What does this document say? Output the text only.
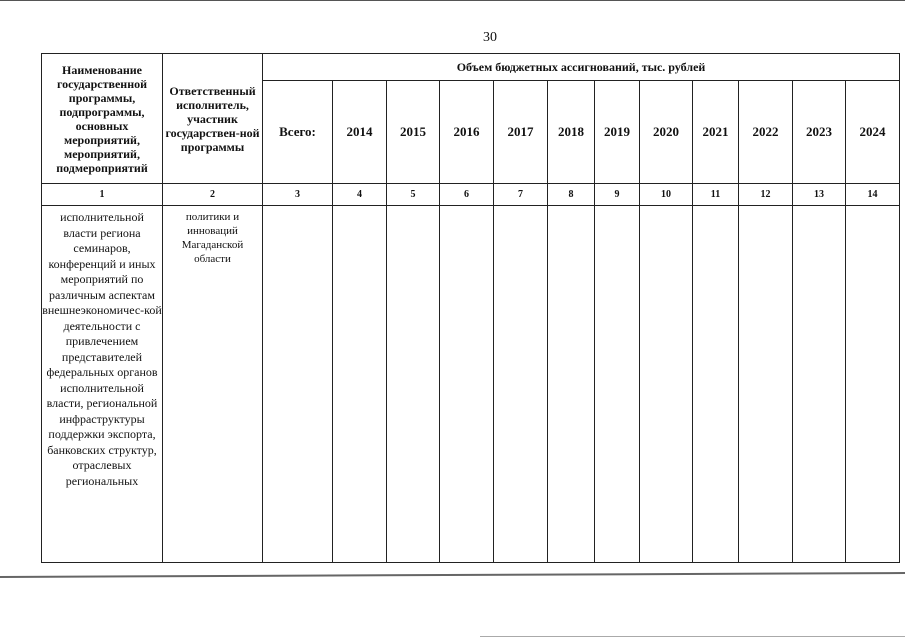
30
Наименование государственной программы, подпрограммы, основных мероприятий, мероприятий, подмероприятий	Ответственный исполнитель, участник государствен-ной программы	Объем бюджетных ассигнований, тыс. рублей											
		Всего:	2014	2015	2016	2017	2018	2019	2020	2021	2022	2023	2024
1	2	3	4	5	6	7	8	9	10	11	12	13	14
исполнительной власти региона семинаров, конференций и иных мероприятий по различным аспектам внешнеэкономичес-кой деятельности с привлечением представителей федеральных органов исполнительной власти, региональной инфраструктуры поддержки экспорта, банковских структур, отраслевых региональных	политики и инноваций Магаданской области												
